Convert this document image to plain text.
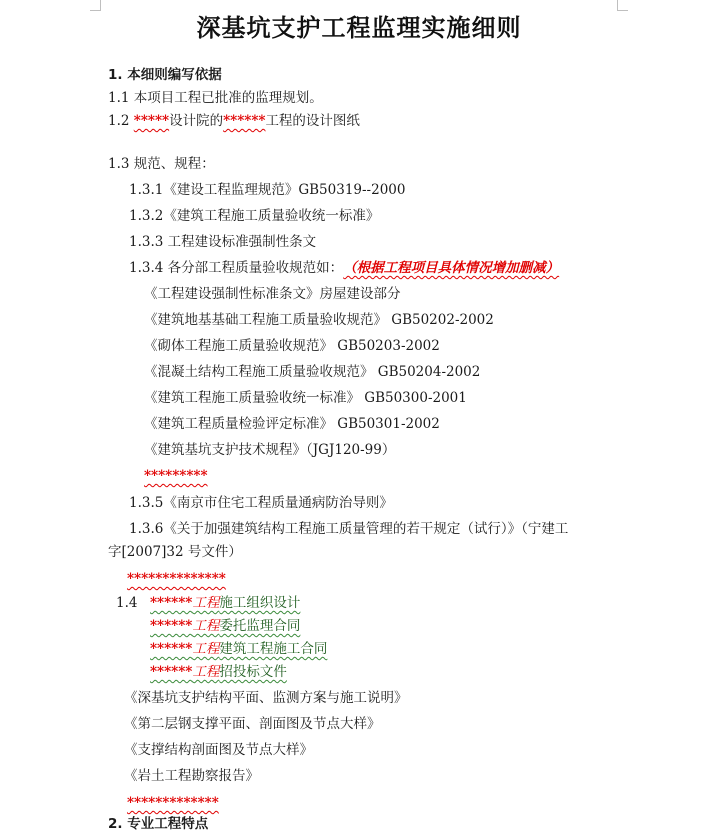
深基坑支护工程监理实施细则
1. 本细则编写依据
1.1 本项目工程已批准的监理规划。
1.2 *****设计院的******工程的设计图纸
1.3 规范、规程：
1.3.1《建设工程监理规范》GB50319--2000
1.3.2《建筑工程施工质量验收统一标准》
1.3.3 工程建设标准强制性条文
1.3.4 各分部工程质量验收规范如：（根据工程项目具体情况增加删减）
《工程建设强制性标准条文》房屋建设部分
《建筑地基基础工程施工质量验收规范》 GB50202-2002
《砌体工程施工质量验收规范》 GB50203-2002
《混凝土结构工程施工质量验收规范》 GB50204-2002
《建筑工程施工质量验收统一标准》 GB50300-2001
《建筑工程质量检验评定标准》 GB50301-2002
《建筑基坑支护技术规程》（JGJ120-99）
*********
1.3.5《南京市住宅工程质量通病防治导则》
1.3.6《关于加强建筑结构工程施工质量管理的若干规定（试行）》（宁建工
字[2007]32 号文件）
**************
1.4 ******工程施工组织设计
******工程委托监理合同
******工程建筑工程施工合同
******工程招投标文件
《深基坑支护结构平面、监测方案与施工说明》
《第二层钢支撑平面、剖面图及节点大样》
《支撑结构剖面图及节点大样》
《岩土工程勘察报告》
*************
2. 专业工程特点
